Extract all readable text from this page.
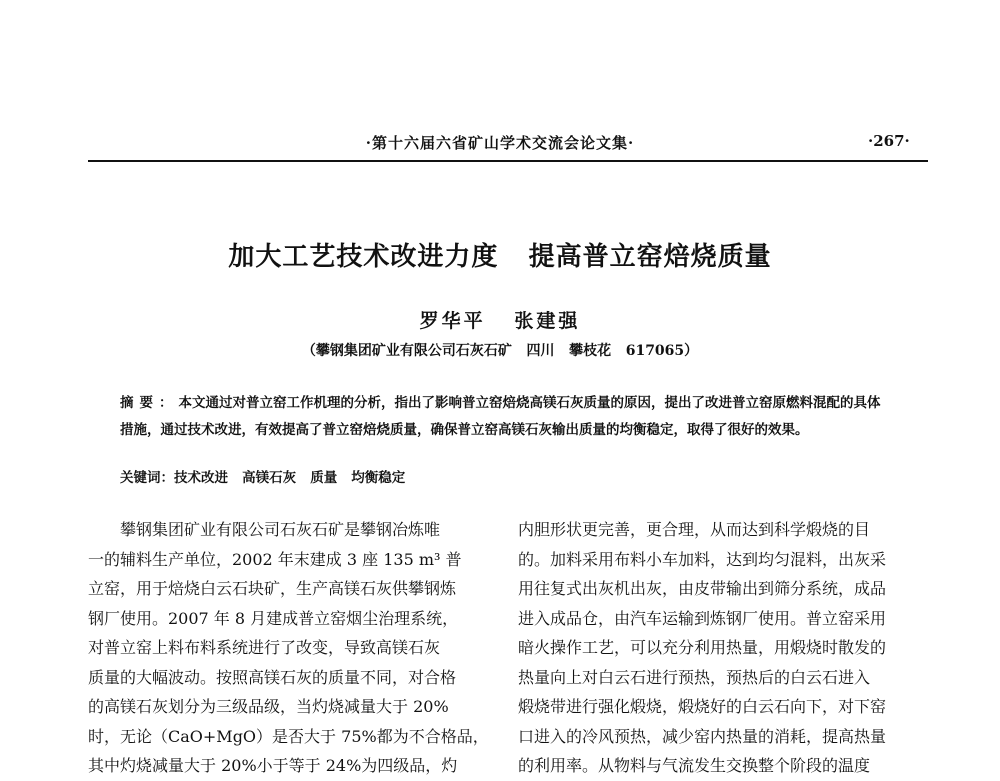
·第十六届六省矿山学术交流会论文集·	·267·
加大工艺技术改进力度   提高普立窑焙烧质量
罗华平   张建强
（攀钢集团矿业有限公司石灰石矿   四川   攀枝花   617065）
摘要：本文通过对普立窑工作机理的分析，指出了影响普立窑焙烧高镁石灰质量的原因，提出了改进普立窑原燃料混配的具体措施，通过技术改进，有效提高了普立窑焙烧质量，确保普立窑高镁石灰输出质量的均衡稳定，取得了很好的效果。
关键词：技术改进   高镁石灰   质量   均衡稳定
攀钢集团矿业有限公司石灰石矿是攀钢冶炼唯
一的辅料生产单位，2002 年末建成 3 座 135 m³ 普
立窑，用于焙烧白云石块矿，生产高镁石灰供攀钢炼
钢厂使用。2007 年 8 月建成普立窑烟尘治理系统，
对普立窑上料布料系统进行了改变，导致高镁石灰
质量的大幅波动。按照高镁石灰的质量不同，对合格
的高镁石灰划分为三级品级，当灼烧减量大于 20%
时，无论（CaO+MgO）是否大于 75%都为不合格品，
其中灼烧减量大于 20%小于等于 24%为四级品，灼
内胆形状更完善，更合理，从而达到科学煅烧的目
的。加料采用布料小车加料，达到均匀混料，出灰采
用往复式出灰机出灰，由皮带输出到筛分系统，成品
进入成品仓，由汽车运输到炼钢厂使用。普立窑采用
暗火操作工艺，可以充分利用热量，用煅烧时散发的
热量向上对白云石进行预热，预热后的白云石进入
煅烧带进行强化煅烧，煅烧好的白云石向下，对下窑
口进入的冷风预热，减少窑内热量的消耗，提高热量
的利用率。从物料与气流发生交换整个阶段的温度
